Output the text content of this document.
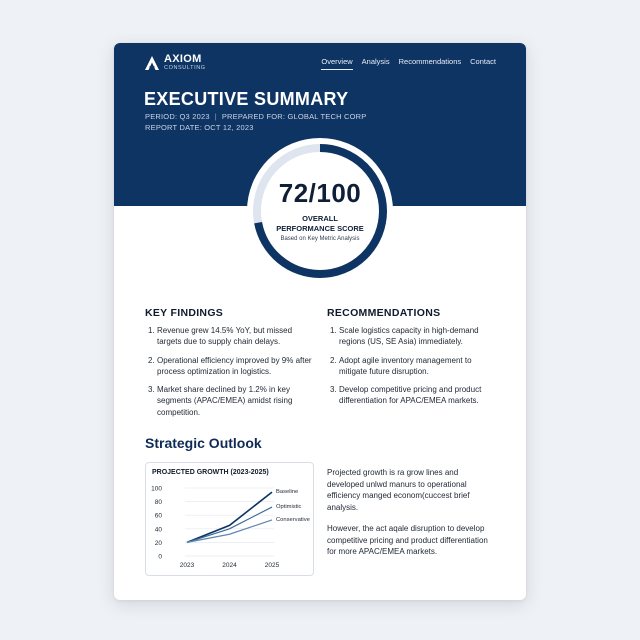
AXIOM
CONSULTING
Overview Analysis Recommendations Contact
EXECUTIVE SUMMARY
PERIOD: Q3 2023 | PREPARED FOR: GLOBAL TECH CORP
REPORT DATE: OCT 12, 2023
72/100
OVERALL
PERFORMANCE SCORE
Based on Key Metric Analysis
KEY FINDINGS
1. Revenue grew 14.5% YoY, but missed targets due to supply chain delays.
2. Operational efficiency improved by 9% after process optimization in logistics.
3. Market share declined by 1.2% in key segments (APAC/EMEA) amidst rising competition.
RECOMMENDATIONS
1. Scale logistics capacity in high-demand regions (US, SE Asia) immediately.
2. Adopt agile inventory management to mitigate future disruption.
3. Develop competitive pricing and product differentiation for APAC/EMEA markets.
Strategic Outlook
PROJECTED GROWTH (2023-2025)
0
20
40
60
80
100
2023	2024	2025
Baseline
Optimistic
Conservative
Projected growth is ra grow lines and developed unlwd manurs to operational efficiency manged econom(cuccest brief analysis.
However, the act aqale disruption to develop competitive pricing and product differentiation for more APAC/EMEA markets.
